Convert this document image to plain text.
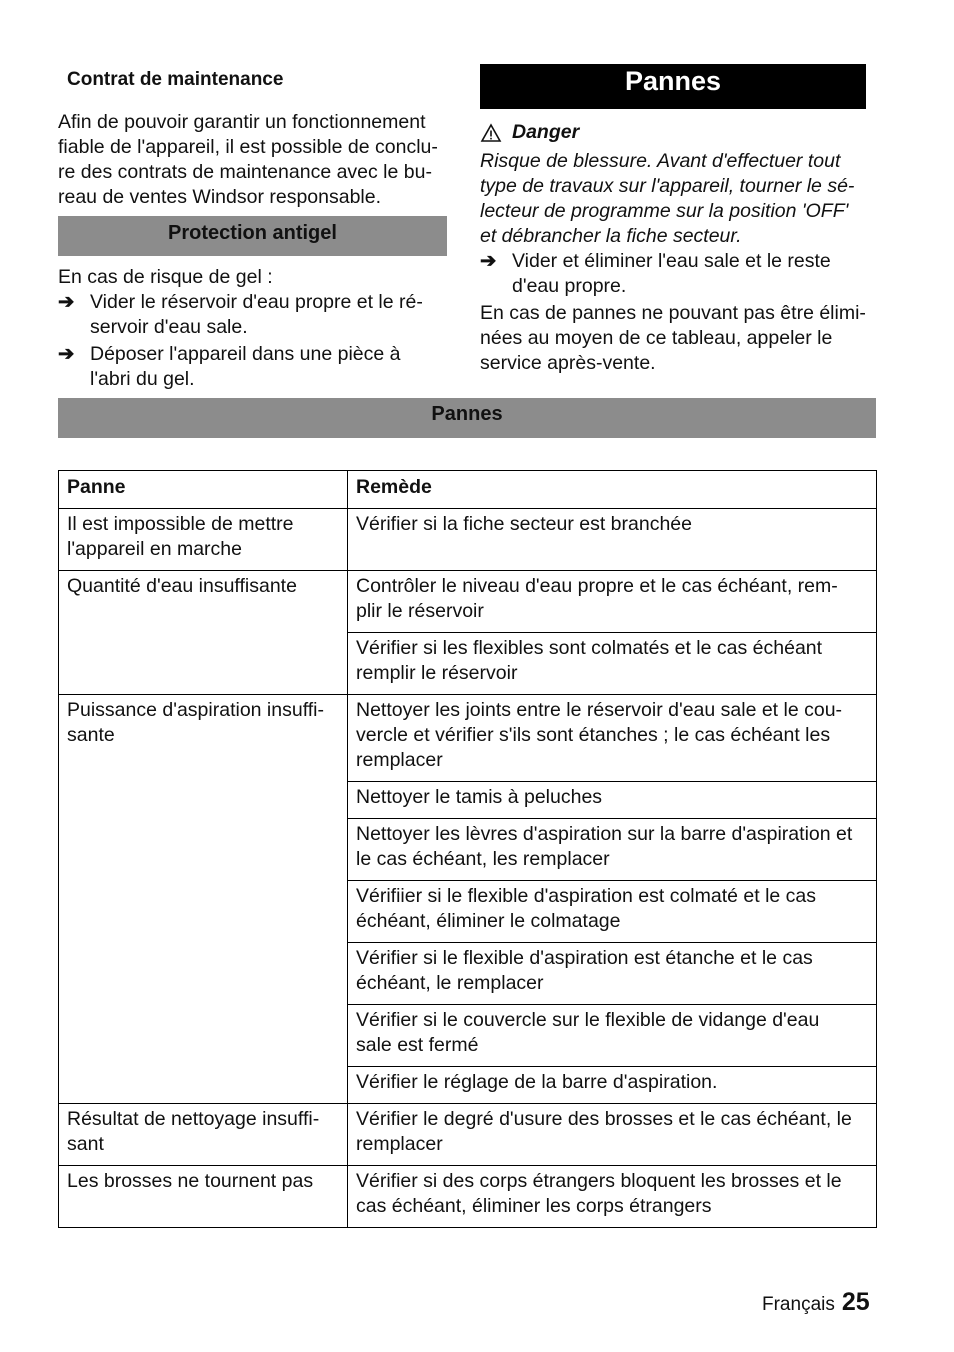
Contrat de maintenance
Afin de pouvoir garantir un fonctionnement
fiable de l'appareil, il est possible de conclu-
re des contrats de maintenance avec le bu-
reau de ventes Windsor responsable.
Protection antigel
En cas de risque de gel :
➔ Vider le réservoir d'eau propre et le ré-
servoir d'eau sale.
➔ Déposer l'appareil dans une pièce à
l'abri du gel.
Pannes
Danger
Risque de blessure. Avant d'effectuer tout
type de travaux sur l'appareil, tourner le sé-
lecteur de programme sur la position 'OFF'
et débrancher la fiche secteur.
➔ Vider et éliminer l'eau sale et le reste
d'eau propre.
En cas de pannes ne pouvant pas être élimi-
nées au moyen de ce tableau, appeler le
service après-vente.
Pannes
Panne	Remède
Il est impossible de mettre
l'appareil en marche	Vérifier si la fiche secteur est branchée

Quantité d'eau insuffisante	Contrôler le niveau d'eau propre et le cas échéant, rem-
plir le réservoir
	Vérifier si les flexibles sont colmatés et le cas échéant
remplir le réservoir
Puissance d'aspiration insuffi-
sante	Nettoyer les joints entre le réservoir d'eau sale et le cou-
vercle et vérifier s'ils sont étanches ; le cas échéant les
remplacer
	Nettoyer le tamis à peluches
	Nettoyer les lèvres d'aspiration sur la barre d'aspiration et
le cas échéant, les remplacer
	Vérifiier si le flexible d'aspiration est colmaté et le cas
échéant, éliminer le colmatage
	Vérifier si le flexible d'aspiration est étanche et le cas
échéant, le remplacer
	Vérifier si le couvercle sur le flexible de vidange d'eau
sale est fermé
	Vérifier le réglage de la barre d'aspiration.
Résultat de nettoyage insuffi-
sant	Vérifier le degré d'usure des brosses et le cas échéant, le
remplacer
Les brosses ne tournent pas	Vérifier si des corps étrangers bloquent les brosses et le
cas échéant, éliminer les corps étrangers
Français 25
